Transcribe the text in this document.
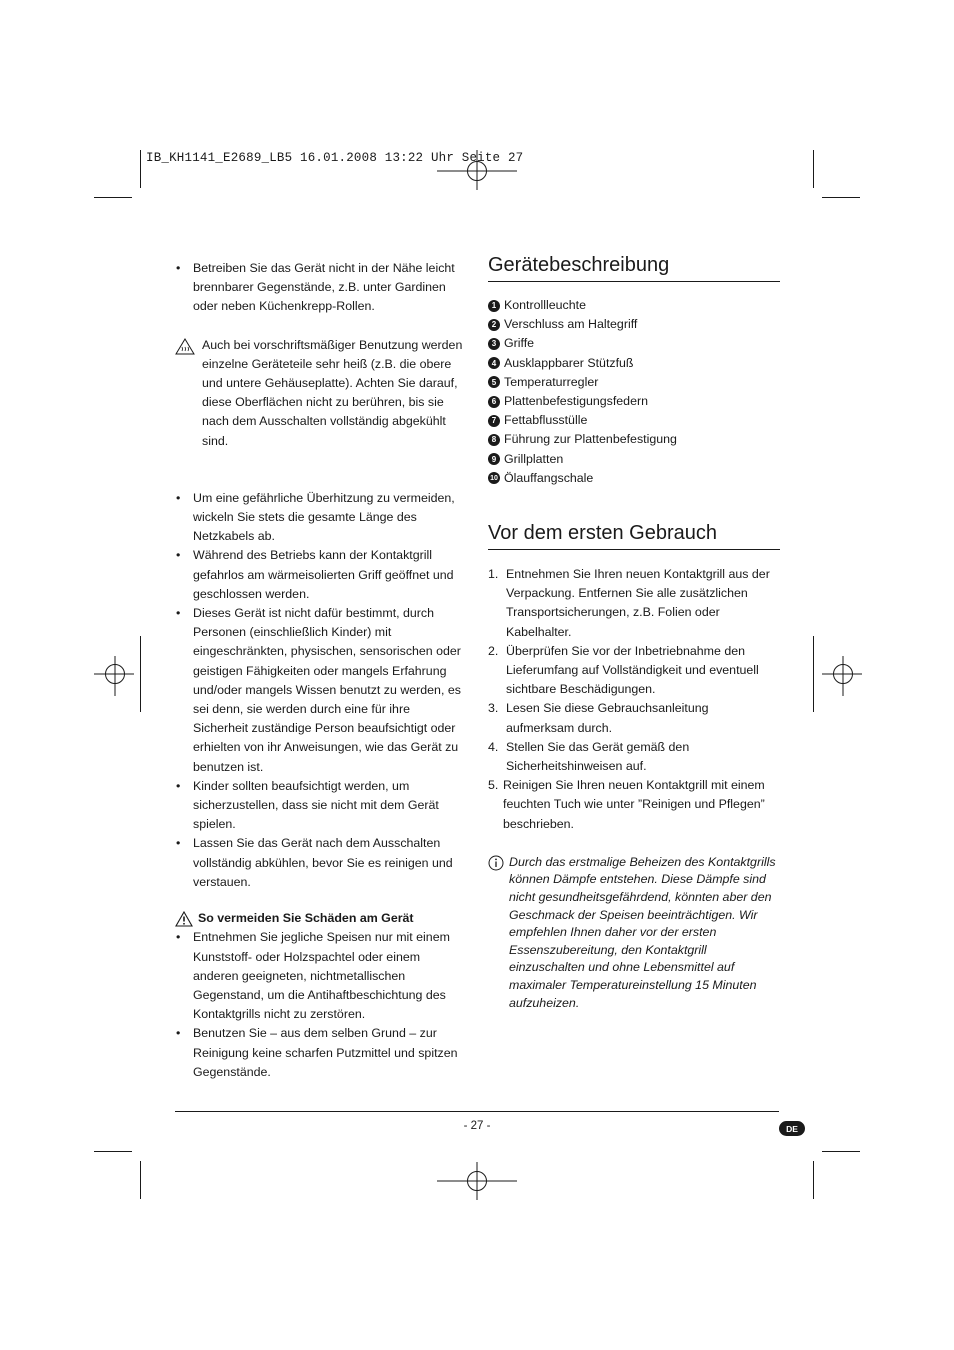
IB_KH1141_E2689_LB5 16.01.2008 13:22 Uhr Seite 27
• Betreiben Sie das Gerät nicht in der Nähe leicht brennbarer Gegenstände, z.B. unter Gardinen oder neben Küchenkrepp-Rollen.
Auch bei vorschriftsmäßiger Benutzung werden einzelne Geräteteile sehr heiß (z.B. die obere und untere Gehäuseplatte). Achten Sie darauf, diese Oberflächen nicht zu berühren, bis sie nach dem Ausschalten vollständig abgekühlt sind.
• Um eine gefährliche Überhitzung zu vermeiden, wickeln Sie stets die gesamte Länge des Netzkabels ab.
• Während des Betriebs kann der Kontaktgrill gefahrlos am wärmeisolierten Griff geöffnet und geschlossen werden.
• Dieses Gerät ist nicht dafür bestimmt, durch Personen (einschließlich Kinder) mit eingeschränkten, physischen, sensorischen oder geistigen Fähigkeiten oder mangels Erfahrung und/oder mangels Wissen benutzt zu werden, es sei denn, sie werden durch eine für ihre Sicherheit zuständige Person beaufsichtigt oder erhielten von ihr Anweisungen, wie das Gerät zu benutzen ist.
• Kinder sollten beaufsichtigt werden, um sicherzustellen, dass sie nicht mit dem Gerät spielen.
• Lassen Sie das Gerät nach dem Ausschalten vollständig abkühlen, bevor Sie es reinigen und verstauen.
So vermeiden Sie Schäden am Gerät
• Entnehmen Sie jegliche Speisen nur mit einem Kunststoff- oder Holzspachtel oder einem anderen geeigneten, nichtmetallischen Gegenstand, um die Antihaftbeschichtung des Kontaktgrills nicht zu zerstören.
• Benutzen Sie – aus dem selben Grund – zur Reinigung keine scharfen Putzmittel und spitzen Gegenstände.
Gerätebeschreibung
1 Kontrollleuchte
2 Verschluss am Haltegriff
3 Griffe
4 Ausklappbarer Stützfuß
5 Temperaturregler
6 Plattenbefestigungsfedern
7 Fettabflusstülle
8 Führung zur Plattenbefestigung
9 Grillplatten
10 Ölauffangschale
Vor dem ersten Gebrauch
1. Entnehmen Sie Ihren neuen Kontaktgrill aus der Verpackung. Entfernen Sie alle zusätzlichen Transportsicherungen, z.B. Folien oder Kabelhalter.
2. Überprüfen Sie vor der Inbetriebnahme den Lieferumfang auf Vollständigkeit und eventuell sichtbare Beschädigungen.
3. Lesen Sie diese Gebrauchsanleitung aufmerksam durch.
4. Stellen Sie das Gerät gemäß den Sicherheitshinweisen auf.
5. Reinigen Sie Ihren neuen Kontaktgrill mit einem feuchten Tuch wie unter ”Reinigen und Pflegen” beschrieben.
Durch das erstmalige Beheizen des Kontaktgrills können Dämpfe entstehen. Diese Dämpfe sind nicht gesundheitsgefährdend, könnten aber den Geschmack der Speisen beeinträchtigen. Wir empfehlen Ihnen daher vor der ersten Essenszubereitung, den Kontaktgrill einzuschalten und ohne Lebensmittel auf maximaler Temperatureinstellung 15 Minuten aufzuheizen.
- 27 -	DE
